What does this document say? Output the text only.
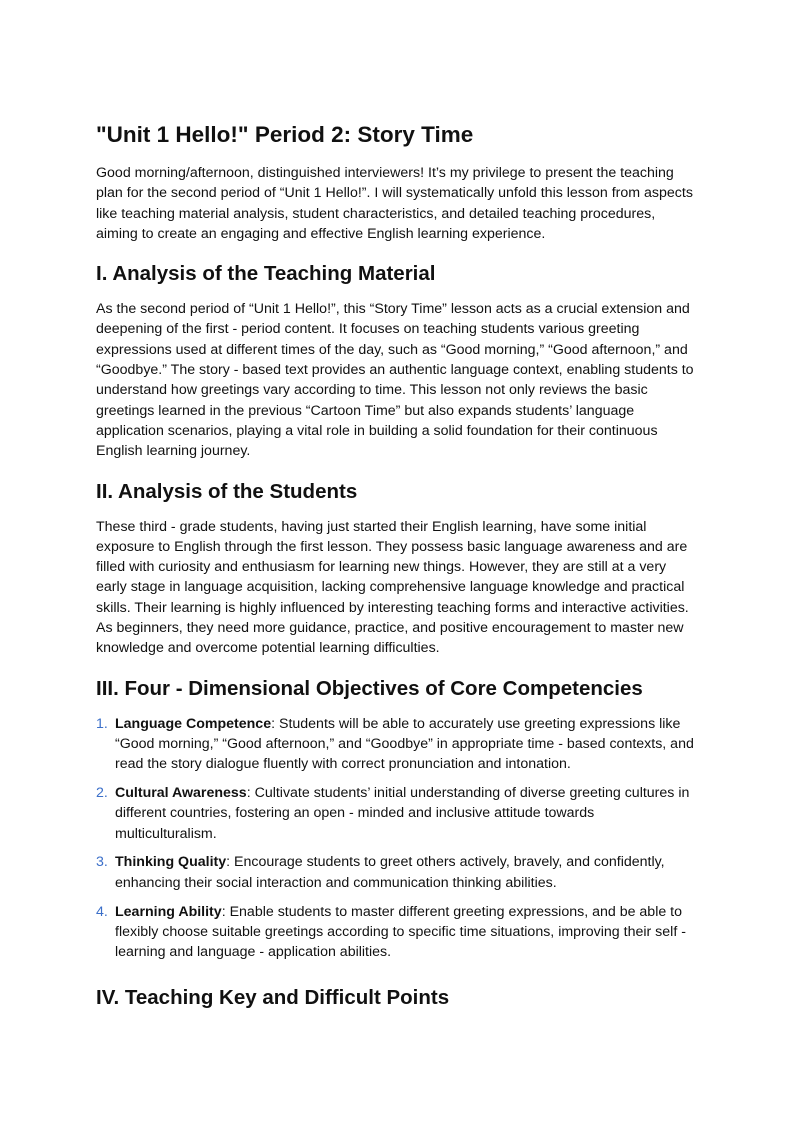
"Unit 1 Hello!" Period 2: Story Time

Good morning/afternoon, distinguished interviewers! It’s my privilege to present the teaching plan for the second period of “Unit 1 Hello!”. I will systematically unfold this lesson from aspects like teaching material analysis, student characteristics, and detailed teaching procedures, aiming to create an engaging and effective English learning experience.

I. Analysis of the Teaching Material

As the second period of “Unit 1 Hello!”, this “Story Time” lesson acts as a crucial extension and deepening of the first - period content. It focuses on teaching students various greeting expressions used at different times of the day, such as “Good morning,” “Good afternoon,” and “Goodbye.” The story - based text provides an authentic language context, enabling students to understand how greetings vary according to time. This lesson not only reviews the basic greetings learned in the previous “Cartoon Time” but also expands students’ language application scenarios, playing a vital role in building a solid foundation for their continuous English learning journey.

II. Analysis of the Students

These third - grade students, having just started their English learning, have some initial exposure to English through the first lesson. They possess basic language awareness and are filled with curiosity and enthusiasm for learning new things. However, they are still at a very early stage in language acquisition, lacking comprehensive language knowledge and practical skills. Their learning is highly influenced by interesting teaching forms and interactive activities. As beginners, they need more guidance, practice, and positive encouragement to master new knowledge and overcome potential learning difficulties.

III. Four - Dimensional Objectives of Core Competencies
1. Language Competence: Students will be able to accurately use greeting expressions like “Good morning,” “Good afternoon,” and “Goodbye” in appropriate time - based contexts, and read the story dialogue fluently with correct pronunciation and intonation.
2. Cultural Awareness: Cultivate students’ initial understanding of diverse greeting cultures in different countries, fostering an open - minded and inclusive attitude towards multiculturalism.
3. Thinking Quality: Encourage students to greet others actively, bravely, and confidently, enhancing their social interaction and communication thinking abilities.
4. Learning Ability: Enable students to master different greeting expressions, and be able to flexibly choose suitable greetings according to specific time situations, improving their self - learning and language - application abilities.
IV. Teaching Key and Difficult Points
